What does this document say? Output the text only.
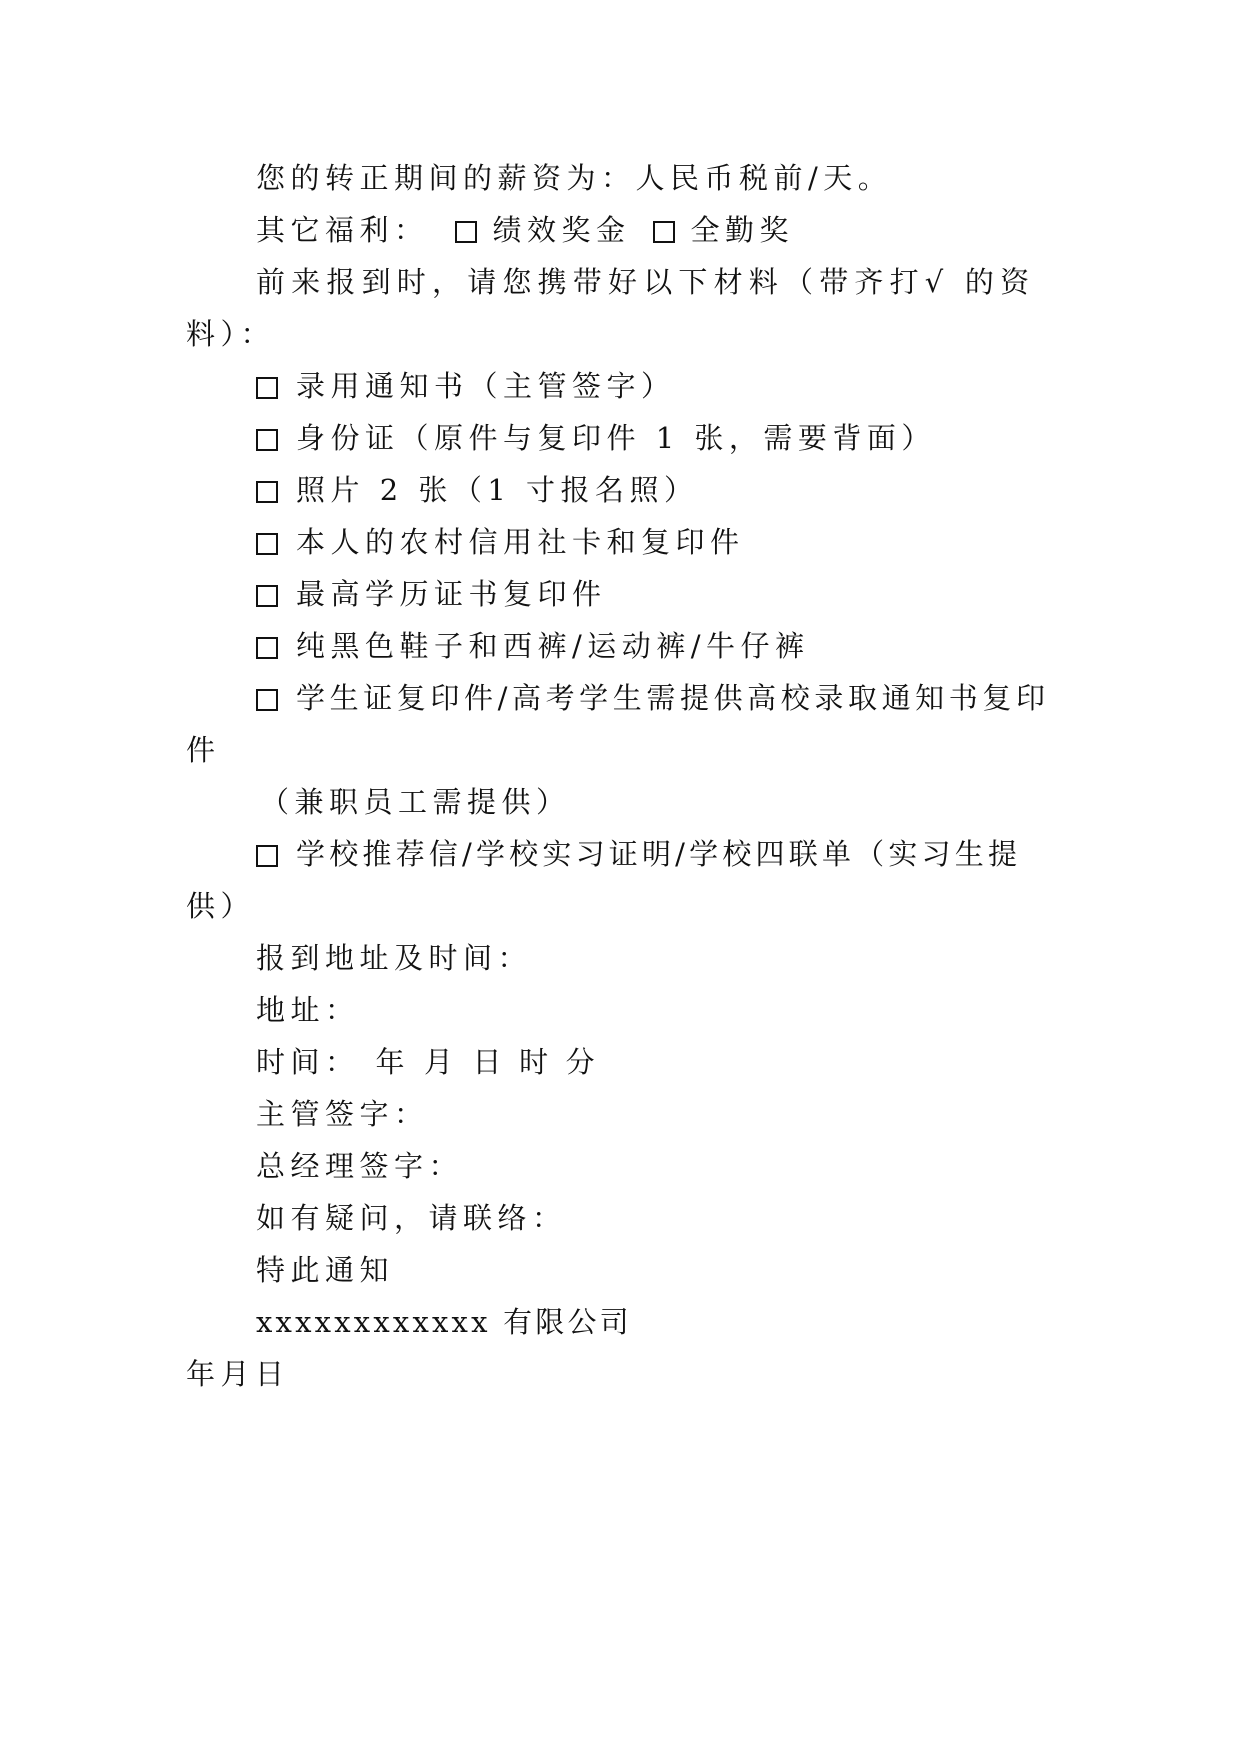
您的转正期间的薪资为：人民币税前/天。
其它福利： 绩效奖金 全勤奖
前来报到时，请您携带好以下材料（带齐打√ 的资
料）：
录用通知书（主管签字）
身份证（原件与复印件 1 张，需要背面）
照片 2 张（1 寸报名照）
本人的农村信用社卡和复印件
最高学历证书复印件
纯黑色鞋子和西裤/运动裤/牛仔裤
学生证复印件/高考学生需提供高校录取通知书复印
件
（兼职员工需提供）
学校推荐信/学校实习证明/学校四联单（实习生提
供）
报到地址及时间：
地址：
时间： 年 月 日 时 分
主管签字：
总经理签字：
如有疑问，请联络：
特此通知
xxxxxxxxxxxx 有限公司
年月日
